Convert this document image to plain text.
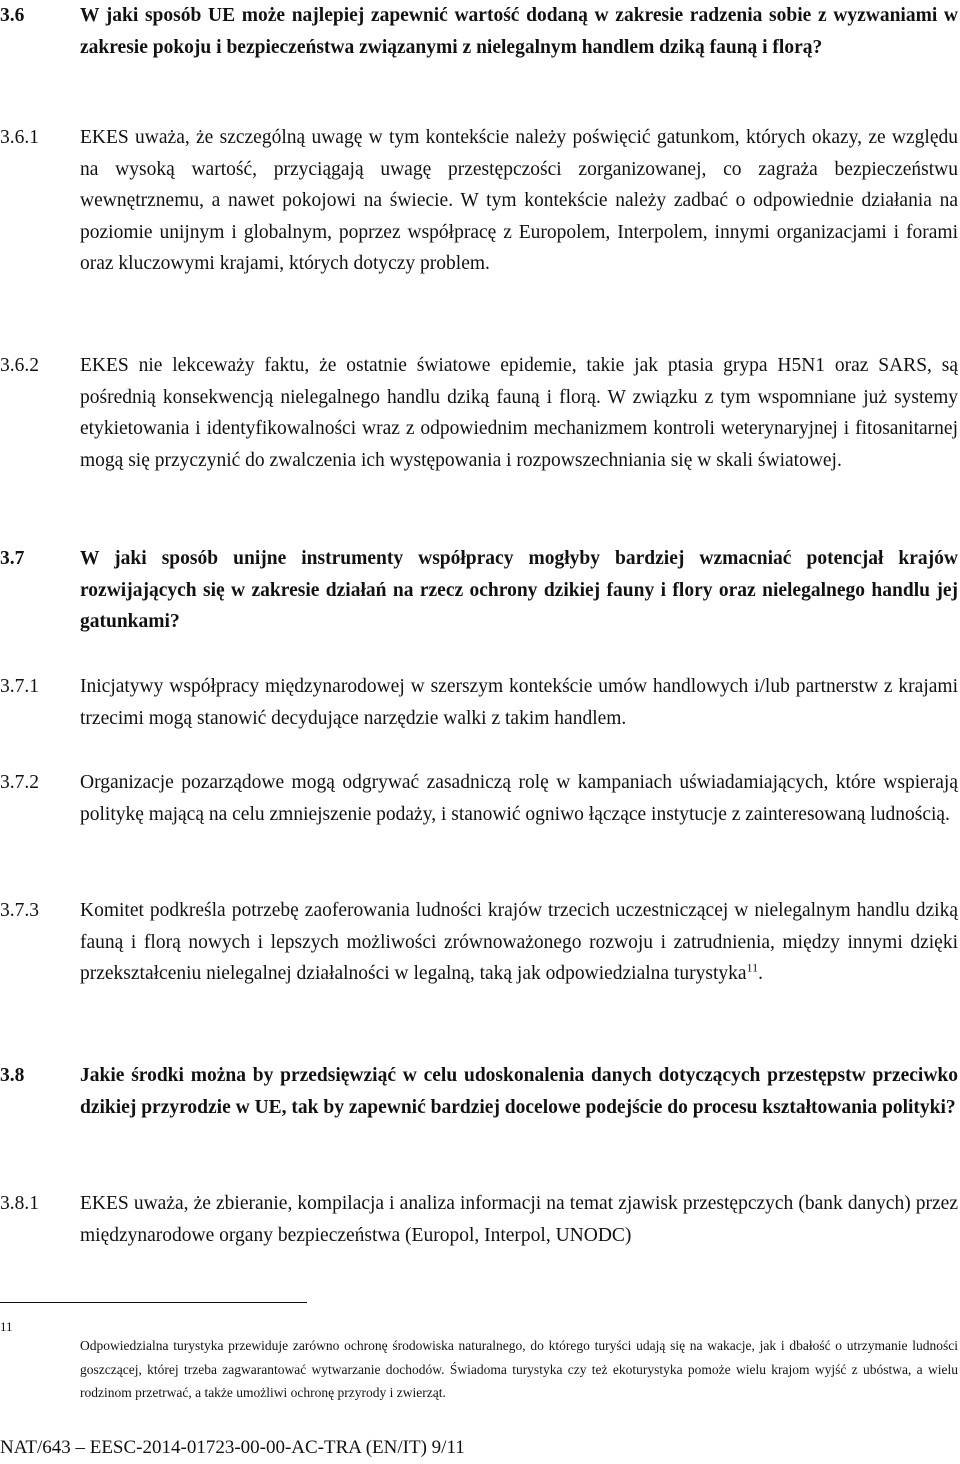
3.6	W jaki sposób UE może najlepiej zapewnić wartość dodaną w zakresie radzenia sobie z wyzwaniami w zakresie pokoju i bezpieczeństwa związanymi z nielegalnym handlem dziką fauną i florą?
3.6.1 EKES uważa, że szczególną uwagę w tym kontekście należy poświęcić gatunkom, których okazy, ze względu na wysoką wartość, przyciągają uwagę przestępczości zorganizowanej, co zagraża bezpieczeństwu wewnętrznemu, a nawet pokojowi na świecie. W tym kontekście należy zadbać o odpowiednie działania na poziomie unijnym i globalnym, poprzez współpracę z Europolem, Interpolem, innymi organizacjami i forami oraz kluczowymi krajami, których dotyczy problem.
3.6.2 EKES nie lekceważy faktu, że ostatnie światowe epidemie, takie jak ptasia grypa H5N1 oraz SARS, są pośrednią konsekwencją nielegalnego handlu dziką fauną i florą. W związku z tym wspomniane już systemy etykietowania i identyfikowalności wraz z odpowiednim mechanizmem kontroli weterynaryjnej i fitosanitarnej mogą się przyczynić do zwalczenia ich występowania i rozpowszechniania się w skali światowej.
3.7	W jaki sposób unijne instrumenty współpracy mogłyby bardziej wzmacniać potencjał krajów rozwijających się w zakresie działań na rzecz ochrony dzikiej fauny i flory oraz nielegalnego handlu jej gatunkami?
3.7.1 Inicjatywy współpracy międzynarodowej w szerszym kontekście umów handlowych i/lub partnerstw z krajami trzecimi mogą stanowić decydujące narzędzie walki z takim handlem.
3.7.2 Organizacje pozarządowe mogą odgrywać zasadniczą rolę w kampaniach uświadamiających, które wspierają politykę mającą na celu zmniejszenie podaży, i stanowić ogniwo łączące instytucje z zainteresowaną ludnością.
3.7.3 Komitet podkreśla potrzebę zaoferowania ludności krajów trzecich uczestniczącej w nielegalnym handlu dziką fauną i florą nowych i lepszych możliwości zrównoważonego rozwoju i zatrudnienia, między innymi dzięki przekształceniu nielegalnej działalności w legalną, taką jak odpowiedzialna turystyka$^{11}$.
3.8	Jakie środki można by przedsięwziąć w celu udoskonalenia danych dotyczących przestępstw przeciwko dzikiej przyrodzie w UE, tak by zapewnić bardziej docelowe podejście do procesu kształtowania polityki?
3.8.1 EKES uważa, że zbieranie, kompilacja i analiza informacji na temat zjawisk przestępczych (bank danych) przez międzynarodowe organy bezpieczeństwa (Europol, Interpol, UNODC)
11
Odpowiedzialna turystyka przewiduje zarówno ochronę środowiska naturalnego, do którego turyści udają się na wakacje, jak i dbałość o utrzymanie ludności goszczącej, której trzeba zagwarantować wytwarzanie dochodów. Świadoma turystyka czy też ekoturystyka pomoże wielu krajom wyjść z ubóstwa, a wielu rodzinom przetrwać, a także umożliwi ochronę przyrody i zwierząt.
NAT/643 – EESC-2014-01723-00-00-AC-TRA (EN/IT) 9/11
